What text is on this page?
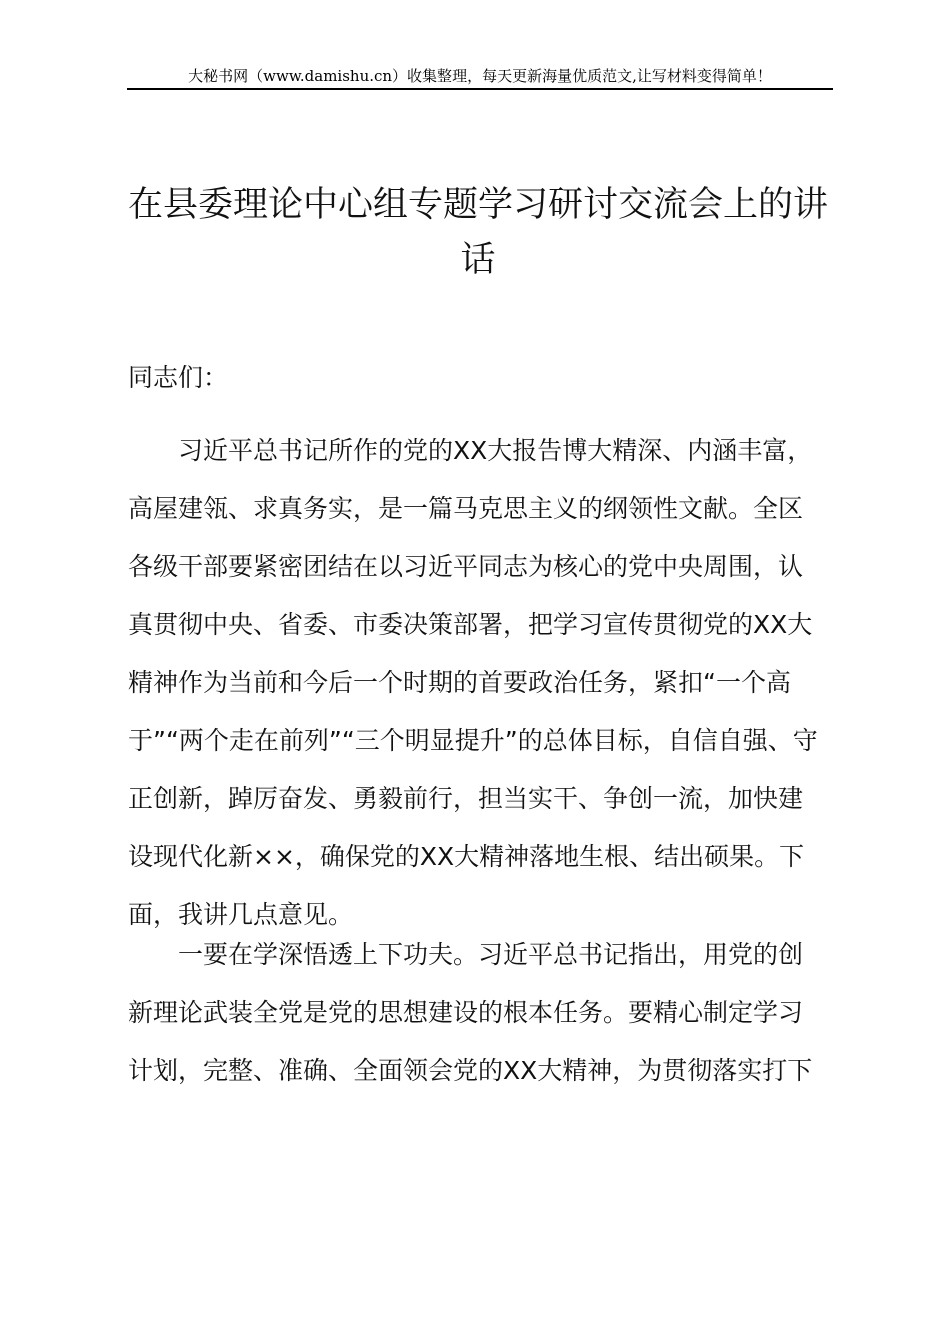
大秘书网（www.damishu.cn）收集整理，每天更新海量优质范文,让写材料变得简单！
在县委理论中心组专题学习研讨交流会上的讲
话
同志们：
习近平总书记所作的党的XX大报告博大精深、内涵丰富，
高屋建瓴、求真务实，是一篇马克思主义的纲领性文献。全区
各级干部要紧密团结在以习近平同志为核心的党中央周围，认
真贯彻中央、省委、市委决策部署，把学习宣传贯彻党的XX大
精神作为当前和今后一个时期的首要政治任务，紧扣“一个高
于”“两个走在前列”“三个明显提升”的总体目标，自信自强、守
正创新，踔厉奋发、勇毅前行，担当实干、争创一流，加快建
设现代化新××，确保党的XX大精神落地生根、结出硕果。下
面，我讲几点意见。
一要在学深悟透上下功夫。习近平总书记指出，用党的创
新理论武装全党是党的思想建设的根本任务。要精心制定学习
计划，完整、准确、全面领会党的XX大精神，为贯彻落实打下
